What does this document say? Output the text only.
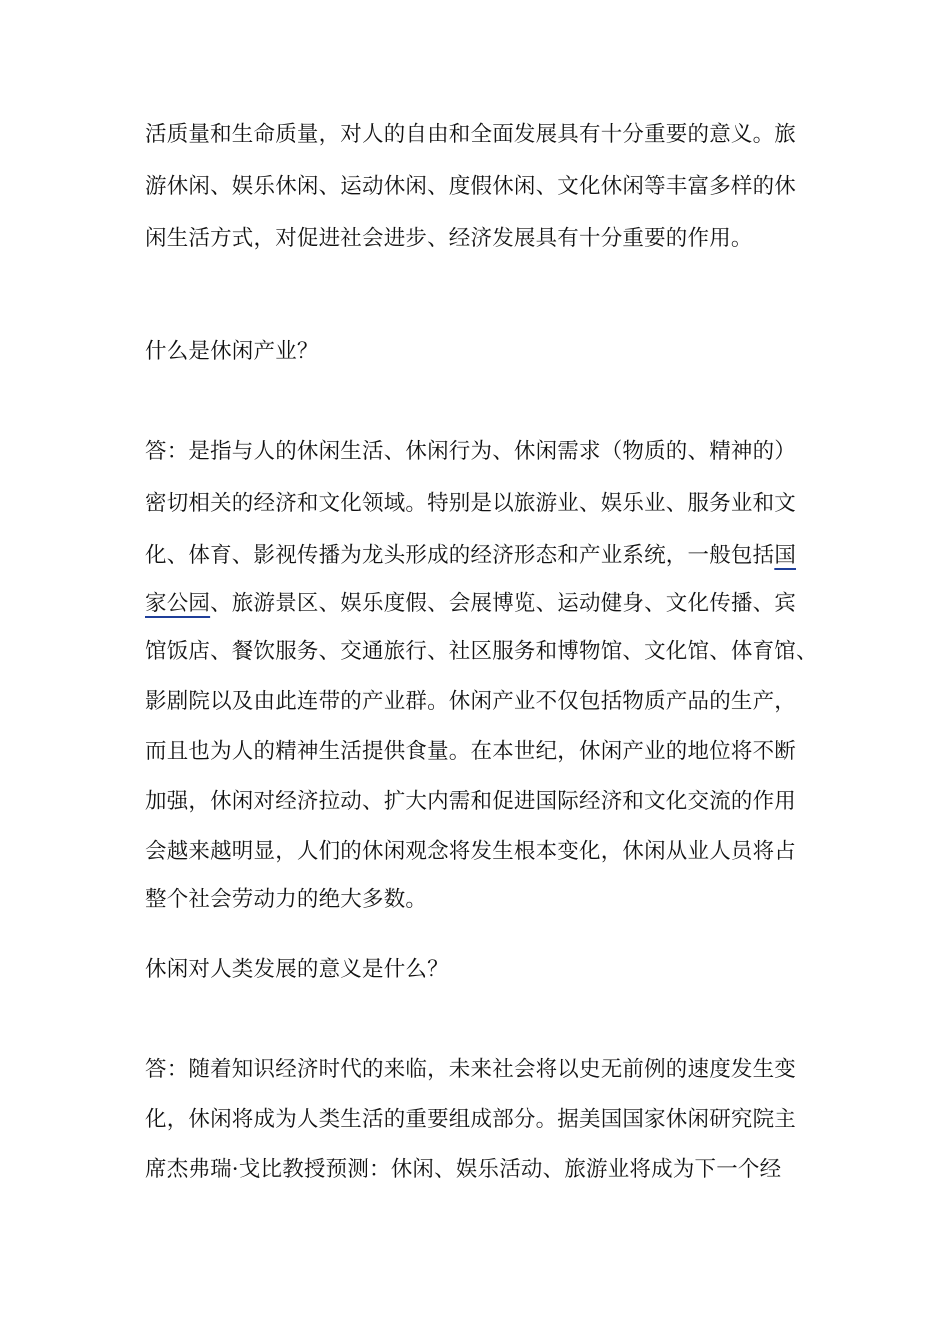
活质量和生命质量，对人的自由和全面发展具有十分重要的意义。旅
游休闲、娱乐休闲、运动休闲、度假休闲、文化休闲等丰富多样的休
闲生活方式，对促进社会进步、经济发展具有十分重要的作用。
什么是休闲产业？
答：是指与人的休闲生活、休闲行为、休闲需求（物质的、精神的）
密切相关的经济和文化领域。特别是以旅游业、娱乐业、服务业和文
化、体育、影视传播为龙头形成的经济形态和产业系统，一般包括国
家公园、旅游景区、娱乐度假、会展博览、运动健身、文化传播、宾
馆饭店、餐饮服务、交通旅行、社区服务和博物馆、文化馆、体育馆、
影剧院以及由此连带的产业群。休闲产业不仅包括物质产品的生产，
而且也为人的精神生活提供食量。在本世纪，休闲产业的地位将不断
加强，休闲对经济拉动、扩大内需和促进国际经济和文化交流的作用
会越来越明显，人们的休闲观念将发生根本变化，休闲从业人员将占
整个社会劳动力的绝大多数。
休闲对人类发展的意义是什么？
答：随着知识经济时代的来临，未来社会将以史无前例的速度发生变
化，休闲将成为人类生活的重要组成部分。据美国国家休闲研究院主
席杰弗瑞·戈比教授预测：休闲、娱乐活动、旅游业将成为下一个经
